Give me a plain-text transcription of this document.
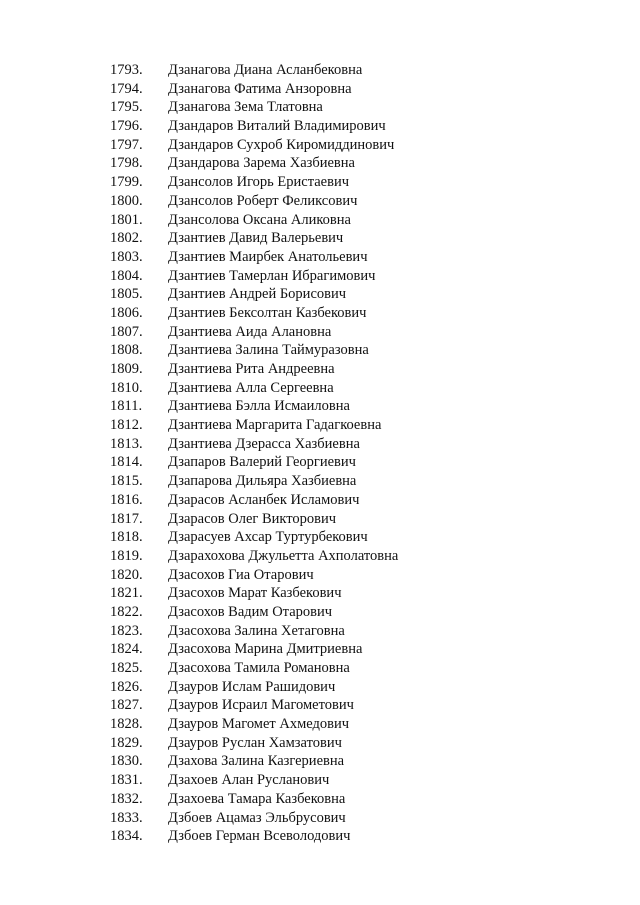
1793.	Дзанагова Диана Асланбековна
1794.	Дзанагова Фатима Анзоровна
1795.	Дзанагова Зема Тлатовна
1796.	Дзандаров Виталий Владимирович
1797.	Дзандаров Сухроб Киромиддинович
1798.	Дзандарова Зарема Хазбиевна
1799.	Дзансолов Игорь Еристаевич
1800.	Дзансолов Роберт Феликсович
1801.	Дзансолова Оксана Аликовна
1802.	Дзантиев Давид Валерьевич
1803.	Дзантиев Маирбек Анатольевич
1804.	Дзантиев Тамерлан Ибрагимович
1805.	Дзантиев Андрей Борисович
1806.	Дзантиев Бексолтан Казбекович
1807.	Дзантиева Аида Алановна
1808.	Дзантиева Залина Таймуразовна
1809.	Дзантиева Рита Андреевна
1810.	Дзантиева Алла Сергеевна
1811.	Дзантиева Бэлла Исмаиловна
1812.	Дзантиева Маргарита Гадагкоевна
1813.	Дзантиева Дзерасса Хазбиевна
1814.	Дзапаров Валерий Георгиевич
1815.	Дзапарова Дильяра Хазбиевна
1816.	Дзарасов Асланбек Исламович
1817.	Дзарасов Олег Викторович
1818.	Дзарасуев Ахсар Туртурбекович
1819.	Дзарахохова Джульетта Ахполатовна
1820.	Дзасохов Гиа Отарович
1821.	Дзасохов Марат Казбекович
1822.	Дзасохов Вадим Отарович
1823.	Дзасохова Залина Хетаговна
1824.	Дзасохова Марина Дмитриевна
1825.	Дзасохова Тамила Романовна
1826.	Дзауров Ислам Рашидович
1827.	Дзауров Исраил Магометович
1828.	Дзауров Магомет Ахмедович
1829.	Дзауров Руслан Хамзатович
1830.	Дзахова Залина Казгериевна
1831.	Дзахоев Алан Русланович
1832.	Дзахоева Тамара Казбековна
1833.	Дзбоев Ацамаз Эльбрусович
1834.	Дзбоев Герман Всеволодович
